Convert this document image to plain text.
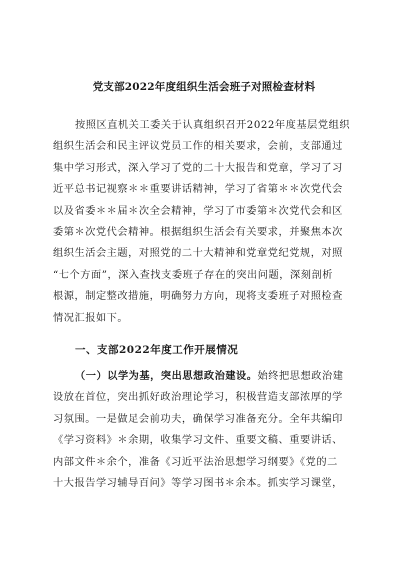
党支部2022年度组织生活会班子对照检查材料
按照区直机关工委关于认真组织召开2022年度基层党组织
组织生活会和民主评议党员工作的相关要求，会前，支部通过
集中学习形式，深入学习了党的二十大报告和党章，学习了习
近平总书记视察＊＊重要讲话精神，学习了省第＊＊次党代会
以及省委＊＊届＊次全会精神，学习了市委第＊次党代会和区
委第＊次党代会精神。根据组织生活会有关要求，并聚焦本次
组织生活会主题，对照党的二十大精神和党章党纪党规，对照
“七个方面”，深入查找支委班子存在的突出问题，深刻剖析
根源，制定整改措施，明确努力方向，现将支委班子对照检查
情况汇报如下。
一、支部2022年度工作开展情况
（一）以学为基，突出思想政治建设。始终把思想政治建
设放在首位，突出抓好政治理论学习，积极营造支部浓厚的学
习氛围。一是做足会前功夫，确保学习准备充分。全年共编印
《学习资料》＊余期，收集学习文件、重要文稿、重要讲话、
内部文件＊余个，准备《习近平法治思想学习纲要》《党的二
十大报告学习辅导百问》等学习图书＊余本。抓实学习课堂，
